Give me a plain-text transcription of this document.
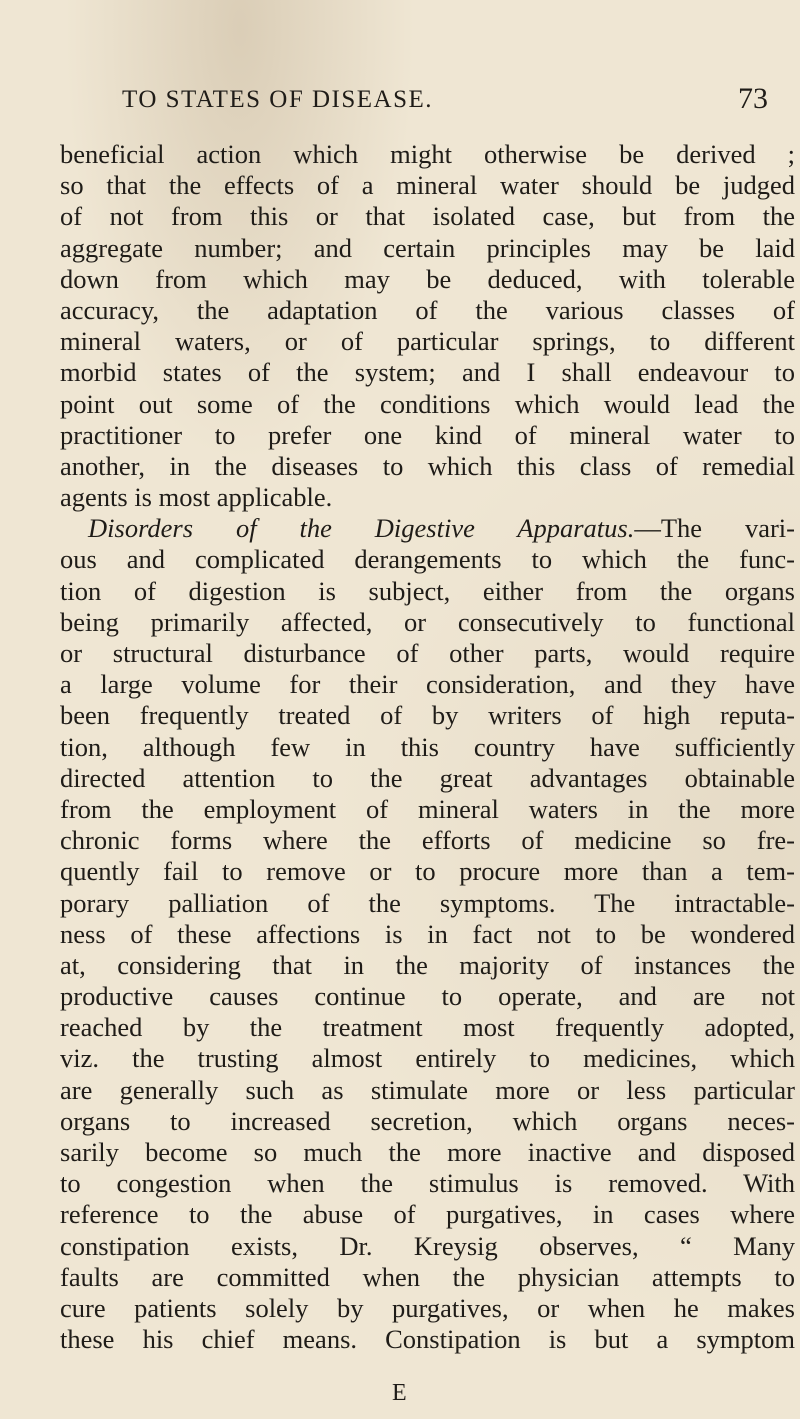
TO STATES OF DISEASE.	73
beneficial action which might otherwise be derived ;
so that the effects of a mineral water should be judged
of not from this or that isolated case, but from the
aggregate number; and certain principles may be laid
down from which may be deduced, with tolerable
accuracy, the adaptation of the various classes of
mineral waters, or of particular springs, to different
morbid states of the system; and I shall endeavour to
point out some of the conditions which would lead the
practitioner to prefer one kind of mineral water to
another, in the diseases to which this class of remedial
agents is most applicable.
Disorders of the Digestive Apparatus.—The vari-
ous and complicated derangements to which the func-
tion of digestion is subject, either from the organs
being primarily affected, or consecutively to functional
or structural disturbance of other parts, would require
a large volume for their consideration, and they have
been frequently treated of by writers of high reputa-
tion, although few in this country have sufficiently
directed attention to the great advantages obtainable
from the employment of mineral waters in the more
chronic forms where the efforts of medicine so fre-
quently fail to remove or to procure more than a tem-
porary palliation of the symptoms. The intractable-
ness of these affections is in fact not to be wondered
at, considering that in the majority of instances the
productive causes continue to operate, and are not
reached by the treatment most frequently adopted,
viz. the trusting almost entirely to medicines, which
are generally such as stimulate more or less particular
organs to increased secretion, which organs neces-
sarily become so much the more inactive and disposed
to congestion when the stimulus is removed. With
reference to the abuse of purgatives, in cases where
constipation exists, Dr. Kreysig observes, “ Many
faults are committed when the physician attempts to
cure patients solely by purgatives, or when he makes
these his chief means. Constipation is but a symptom
E
